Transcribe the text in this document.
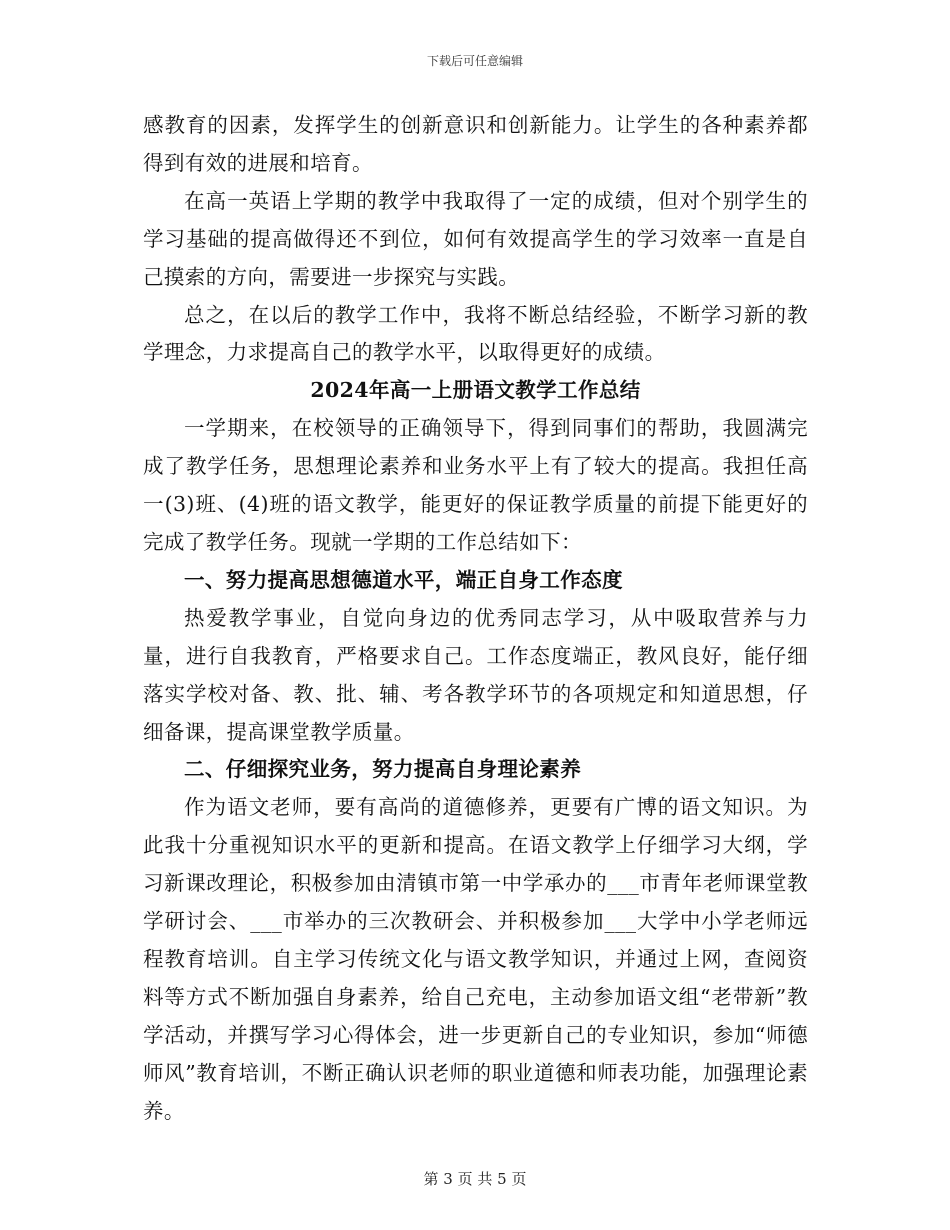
下载后可任意编辑

感教育的因素，发挥学生的创新意识和创新能力。让学生的各种素养都得到有效的进展和培育。

在高一英语上学期的教学中我取得了一定的成绩，但对个别学生的学习基础的提高做得还不到位，如何有效提高学生的学习效率一直是自己摸索的方向，需要进一步探究与实践。

总之，在以后的教学工作中，我将不断总结经验，不断学习新的教学理念，力求提高自己的教学水平，以取得更好的成绩。

2024年高一上册语文教学工作总结

一学期来，在校领导的正确领导下，得到同事们的帮助，我圆满完成了教学任务，思想理论素养和业务水平上有了较大的提高。我担任高一(3)班、(4)班的语文教学，能更好的保证教学质量的前提下能更好的完成了教学任务。现就一学期的工作总结如下：

一、努力提高思想德道水平，端正自身工作态度

热爱教学事业，自觉向身边的优秀同志学习，从中吸取营养与力量，进行自我教育，严格要求自己。工作态度端正，教风良好，能仔细落实学校对备、教、批、辅、考各教学环节的各项规定和知道思想，仔细备课，提高课堂教学质量。

二、仔细探究业务，努力提高自身理论素养

作为语文老师，要有高尚的道德修养，更要有广博的语文知识。为此我十分重视知识水平的更新和提高。在语文教学上仔细学习大纲，学习新课改理论，积极参加由清镇市第一中学承办的___市青年老师课堂教学研讨会、___市举办的三次教研会、并积极参加___大学中小学老师远程教育培训。自主学习传统文化与语文教学知识，并通过上网，查阅资料等方式不断加强自身素养，给自己充电，主动参加语文组“老带新”教学活动，并撰写学习心得体会，进一步更新自己的专业知识，参加“师德师风”教育培训，不断正确认识老师的职业道德和师表功能，加强理论素养。

第 3 页 共 5 页
